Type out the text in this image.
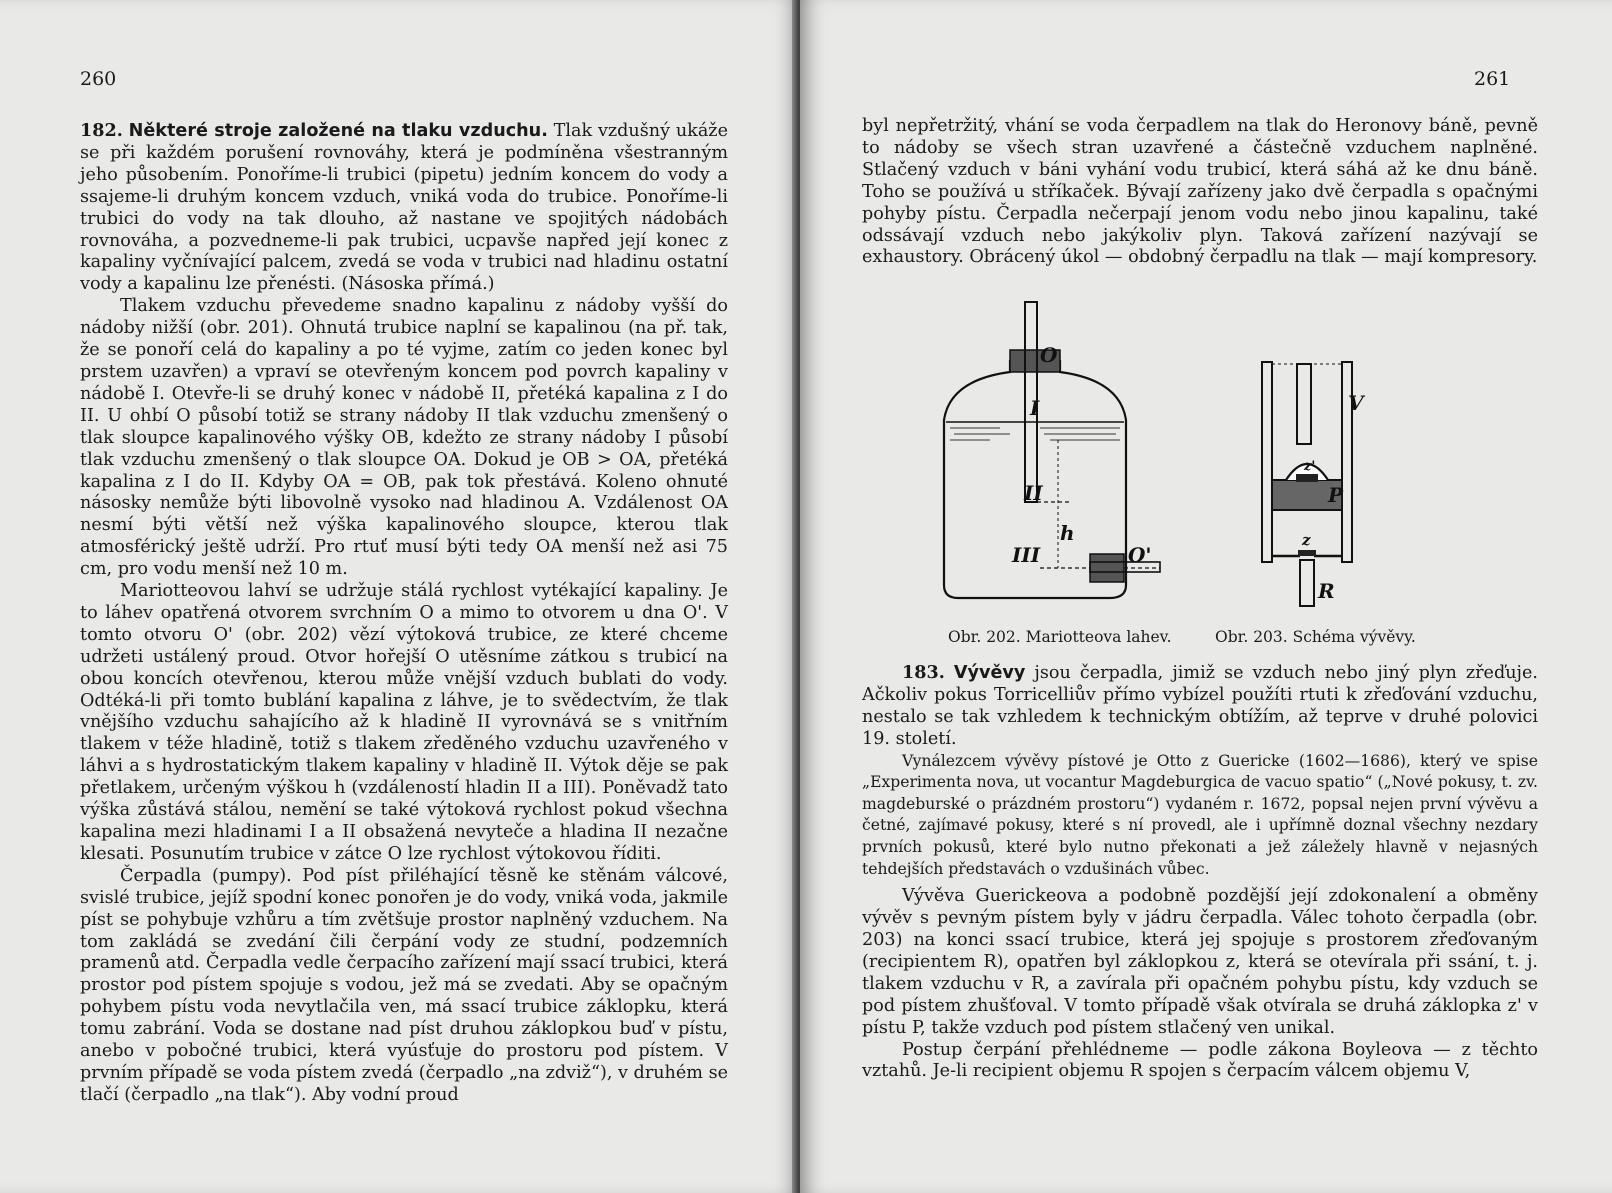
260

182. Některé stroje založené na tlaku vzduchu. Tlak vzdušný ukáže se při každém porušení rovnováhy, která je podmíněna všestranným jeho působením. Ponoříme-li trubici (pipetu) jedním koncem do vody a ssajeme-li druhým koncem vzduch, vniká voda do trubice. Ponoříme-li trubici do vody na tak dlouho, až nastane ve spojitých nádobách rovnováha, a pozvedneme-li pak trubici, ucpavše napřed její konec z kapaliny vyčnívající palcem, zvedá se voda v trubici nad hladinu ostatní vody a kapalinu lze přenésti. (Násoska přímá.)

Tlakem vzduchu převedeme snadno kapalinu z nádoby vyšší do nádoby nižší (obr. 201). Ohnutá trubice naplní se kapalinou (na př. tak, že se ponoří celá do kapaliny a po té vyjme, zatím co jeden konec byl prstem uzavřen) a vpraví se otevřeným koncem pod povrch kapaliny v nádobě I. Otevře-li se druhý konec v nádobě II, přetéká kapalina z I do II. U ohbí O působí totiž se strany nádoby II tlak vzduchu zmenšený o tlak sloupce kapalinového výšky OB, kdežto ze strany nádoby I působí tlak vzduchu zmenšený o tlak sloupce OA. Dokud je OB > OA, přetéká kapalina z I do II. Kdyby OA = OB, pak tok přestává. Koleno ohnuté násosky nemůže býti libovolně vysoko nad hladinou A. Vzdálenost OA nesmí býti větší než výška kapalinového sloupce, kterou tlak atmosférický ještě udrží. Pro rtuť musí býti tedy OA menší než asi 75 cm, pro vodu menší než 10 m.

Mariotteovou lahví se udržuje stálá rychlost vytékající kapaliny. Je to láhev opatřená otvorem svrchním O a mimo to otvorem u dna O'. V tomto otvoru O' (obr. 202) vězí výtoková trubice, ze které chceme udržeti ustálený proud. Otvor hořejší O utěsníme zátkou s trubicí na obou koncích otevřenou, kterou může vnější vzduch bublati do vody. Odtéká-li při tomto bublání kapalina z láhve, je to svědectvím, že tlak vnějšího vzduchu sahajícího až k hladině II vyrovnává se s vnitřním tlakem v téže hladině, totiž s tlakem zředěného vzduchu uzavřeného v láhvi a s hydrostatickým tlakem kapaliny v hladině II. Výtok děje se pak přetlakem, určeným výškou h (vzdáleností hladin II a III). Poněvadž tato výška zůstává stálou, nemění se také výtoková rychlost pokud všechna kapalina mezi hladinami I a II obsažená nevyteče a hladina II nezačne klesati. Posunutím trubice v zátce O lze rychlost výtokovou říditi.

Čerpadla (pumpy). Pod píst přiléhající těsně ke stěnám válcové, svislé trubice, jejíž spodní konec ponořen je do vody, vniká voda, jakmile píst se pohybuje vzhůru a tím zvětšuje prostor naplněný vzduchem. Na tom zakládá se zvedání čili čerpání vody ze studní, podzemních pramenů atd. Čerpadla vedle čerpacího zařízení mají ssací trubici, která prostor pod pístem spojuje s vodou, jež má se zvedati. Aby se opačným pohybem pístu voda nevytlačila ven, má ssací trubice záklopku, která tomu zabrání. Voda se dostane nad píst druhou záklopkou buď v pístu, anebo v pobočné trubici, která vyúsťuje do prostoru pod pístem. V prvním případě se voda pístem zvedá (čerpadlo „na zdviž“), v druhém se tlačí (čerpadlo „na tlak“). Aby vodní proud

261
byl nepřetržitý, vhání se voda čerpadlem na tlak do Heronovy báně, pevně to nádoby se všech stran uzavřené a částečně vzduchem naplněné. Stlačený vzduch v báni vyhání vodu trubicí, která sáhá až ke dnu báně. Toho se používá u stříkaček. Bývají zařízeny jako dvě čerpadla s opačnými pohyby pístu. Čerpadla nečerpají jenom vodu nebo jinou kapalinu, také odssávají vzduch nebo jakýkoliv plyn. Taková zařízení nazývají se exhaustory. Obrácený úkol — obdobný čerpadlu na tlak — mají kompresory.
O
I
II
h
III	O'
V
P
z'
z
R
Obr. 202. Mariotteova lahev.	Obr. 203. Schéma vývěvy.

183. Vývěvy jsou čerpadla, jimiž se vzduch nebo jiný plyn zřeďuje. Ačkoliv pokus Torricelliův přímo vybízel použíti rtuti k zřeďování vzduchu, nestalo se tak vzhledem k technickým obtížím, až teprve v druhé polovici 19. století.

Vynálezcem vývěvy pístové je Otto z Guericke (1602—1686), který ve spise „Experimenta nova, ut vocantur Magdeburgica de vacuo spatio“ („Nové pokusy, t. zv. magdeburské o prázdném prostoru“) vydaném r. 1672, popsal nejen první vývěvu a četné, zajímavé pokusy, které s ní provedl, ale i upřímně doznal všechny nezdary prvních pokusů, které bylo nutno překonati a jež záležely hlavně v nejasných tehdejších představách o vzdušinách vůbec.

Vývěva Guerickeova a podobně pozdější její zdokonalení a obměny vývěv s pevným pístem byly v jádru čerpadla. Válec tohoto čerpadla (obr. 203) na konci ssací trubice, která jej spojuje s prostorem zřeďovaným (recipientem R), opatřen byl záklopkou z, která se otevírala při ssání, t. j. tlakem vzduchu v R, a zavírala při opačném pohybu pístu, kdy vzduch se pod pístem zhušťoval. V tomto případě však otvírala se druhá záklopka z' v pístu P, takže vzduch pod pístem stlačený ven unikal.

Postup čerpání přehlédneme — podle zákona Boyleova — z těchto vztahů. Je-li recipient objemu R spojen s čerpacím válcem objemu V,
